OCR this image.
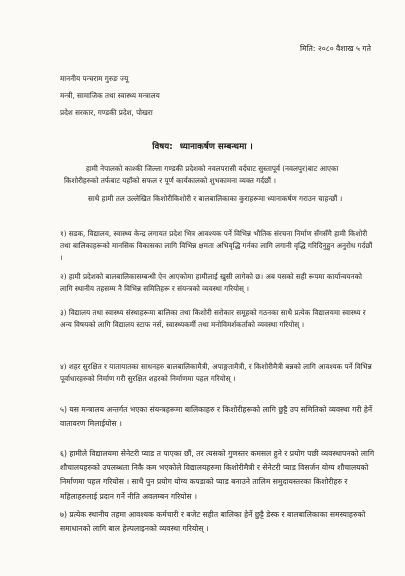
मिति: २०८० वैशाख ५ गते
माननीय पन्चराम गुरुङ ज्यू
मन्त्री, सामाजिक तथा स्वास्थ्य मन्त्रालय
प्रदेश सरकार, गण्डकी प्रदेश, पोखरा
विषय: ध्यानाकर्षण सम्बन्धमा ।
हामी नेपालको काश्की जिल्ला गण्डकी प्रदेशको नवलपरासी वर्दघाट सुस्तापूर्व (नवलपुर)बाट आएका किशोरीहरुको तर्फबाट यहाँको सफल र पूर्ण कार्यकालको शुभकामना व्यक्त गर्दछौं ।
साथै हामी तल उल्लेखित किशोरीकिशोरी र बालबालिकाका कुराहरूमा ध्यानाकर्षण गराउन चाहन्छौं ।
१) सडक, विद्यालय, स्वास्थ्य केन्द्र लगायत प्रदेश भित्र आवश्यक पर्ने विभिन्न भौतिक संरचना निर्माण सँगसँगै हामी किशोरी तथा बालिकाहरूको मानसिक विकासका लागि विभिन्न क्षमता अभिवृद्धि गर्नका लागि लगानी वृद्धि गरिदिनुहुन अनुरोध गर्दछौं ।
२) हामी प्रदेशको बालबालिकासम्बन्धी ऐन आएकोमा हामीलाई खुसी लागेको छ। अब यसको सही रूपमा कार्यान्वयनको लागि स्थानीय तहसम्म नै विभिन्न समितिहरू र संयन्त्रको व्यवस्था गरियोस् ।
३) विद्यालय तथा स्वास्थ्य संस्थाहरूमा बालिका तथा किशोरी सरोकार समूहको गठनका साथै प्रत्येक विद्यालयमा स्वास्थ्य र अन्य विषयको लागि विद्यालय स्टाफ नर्स, स्वास्थ्यकर्मी तथा मनोविमर्शकर्ताको व्यवस्था गरियोस् ।
४) शहर सुरक्षित र यातायातका साधनहरु बालबालिकामैत्री, अपाङ्गतामैत्री, र किशोरीमैत्री बन्नको लागि आवश्यक पर्ने विभिन्न पूर्वाधारहरुको निर्माण गरी सुरक्षित शहरको निर्माणमा पहल गरियोस् ।
५) यस मन्त्रालय अन्तर्गत भएका संयन्त्रहरूमा बालिकाहरु र किशोरीहरूको लागि छुट्टै उप समितिको व्यवस्था गरी हेर्ने वातावरण मिलाईयोस ।
६) हामीले विद्यालयमा सेनेटरी प्याड त पाएका छौं, तर त्यसको गुणस्तर कमसल हुने र प्रयोग पछी व्यवस्थापनको लागि शौचालयहरुको उपलब्धता निकै कम भएकोले विद्यालयहरुमा किशोरीमैत्री र सेनेटरी प्याड विसर्जन योग्य शौचालयको निर्माणमा पहल गरियोस । साथै पुन प्रयोग योग्य कपडाको प्याड बनाउने तालिम समुदायस्तरका किशोरीहरु र महिलाहरुलाई प्रदान गर्ने नीति अवलम्बन गरियोस ।
७) प्रत्येक स्थानीय तहमा आवश्यक कर्मचारी र बजेट सहीत बालिका हेर्ने छुट्टै डेस्क र बालबालिकाका समस्याहरुको समाधानको लागि बाल हेल्पलाइनको व्यवस्था गरियोस् ।
